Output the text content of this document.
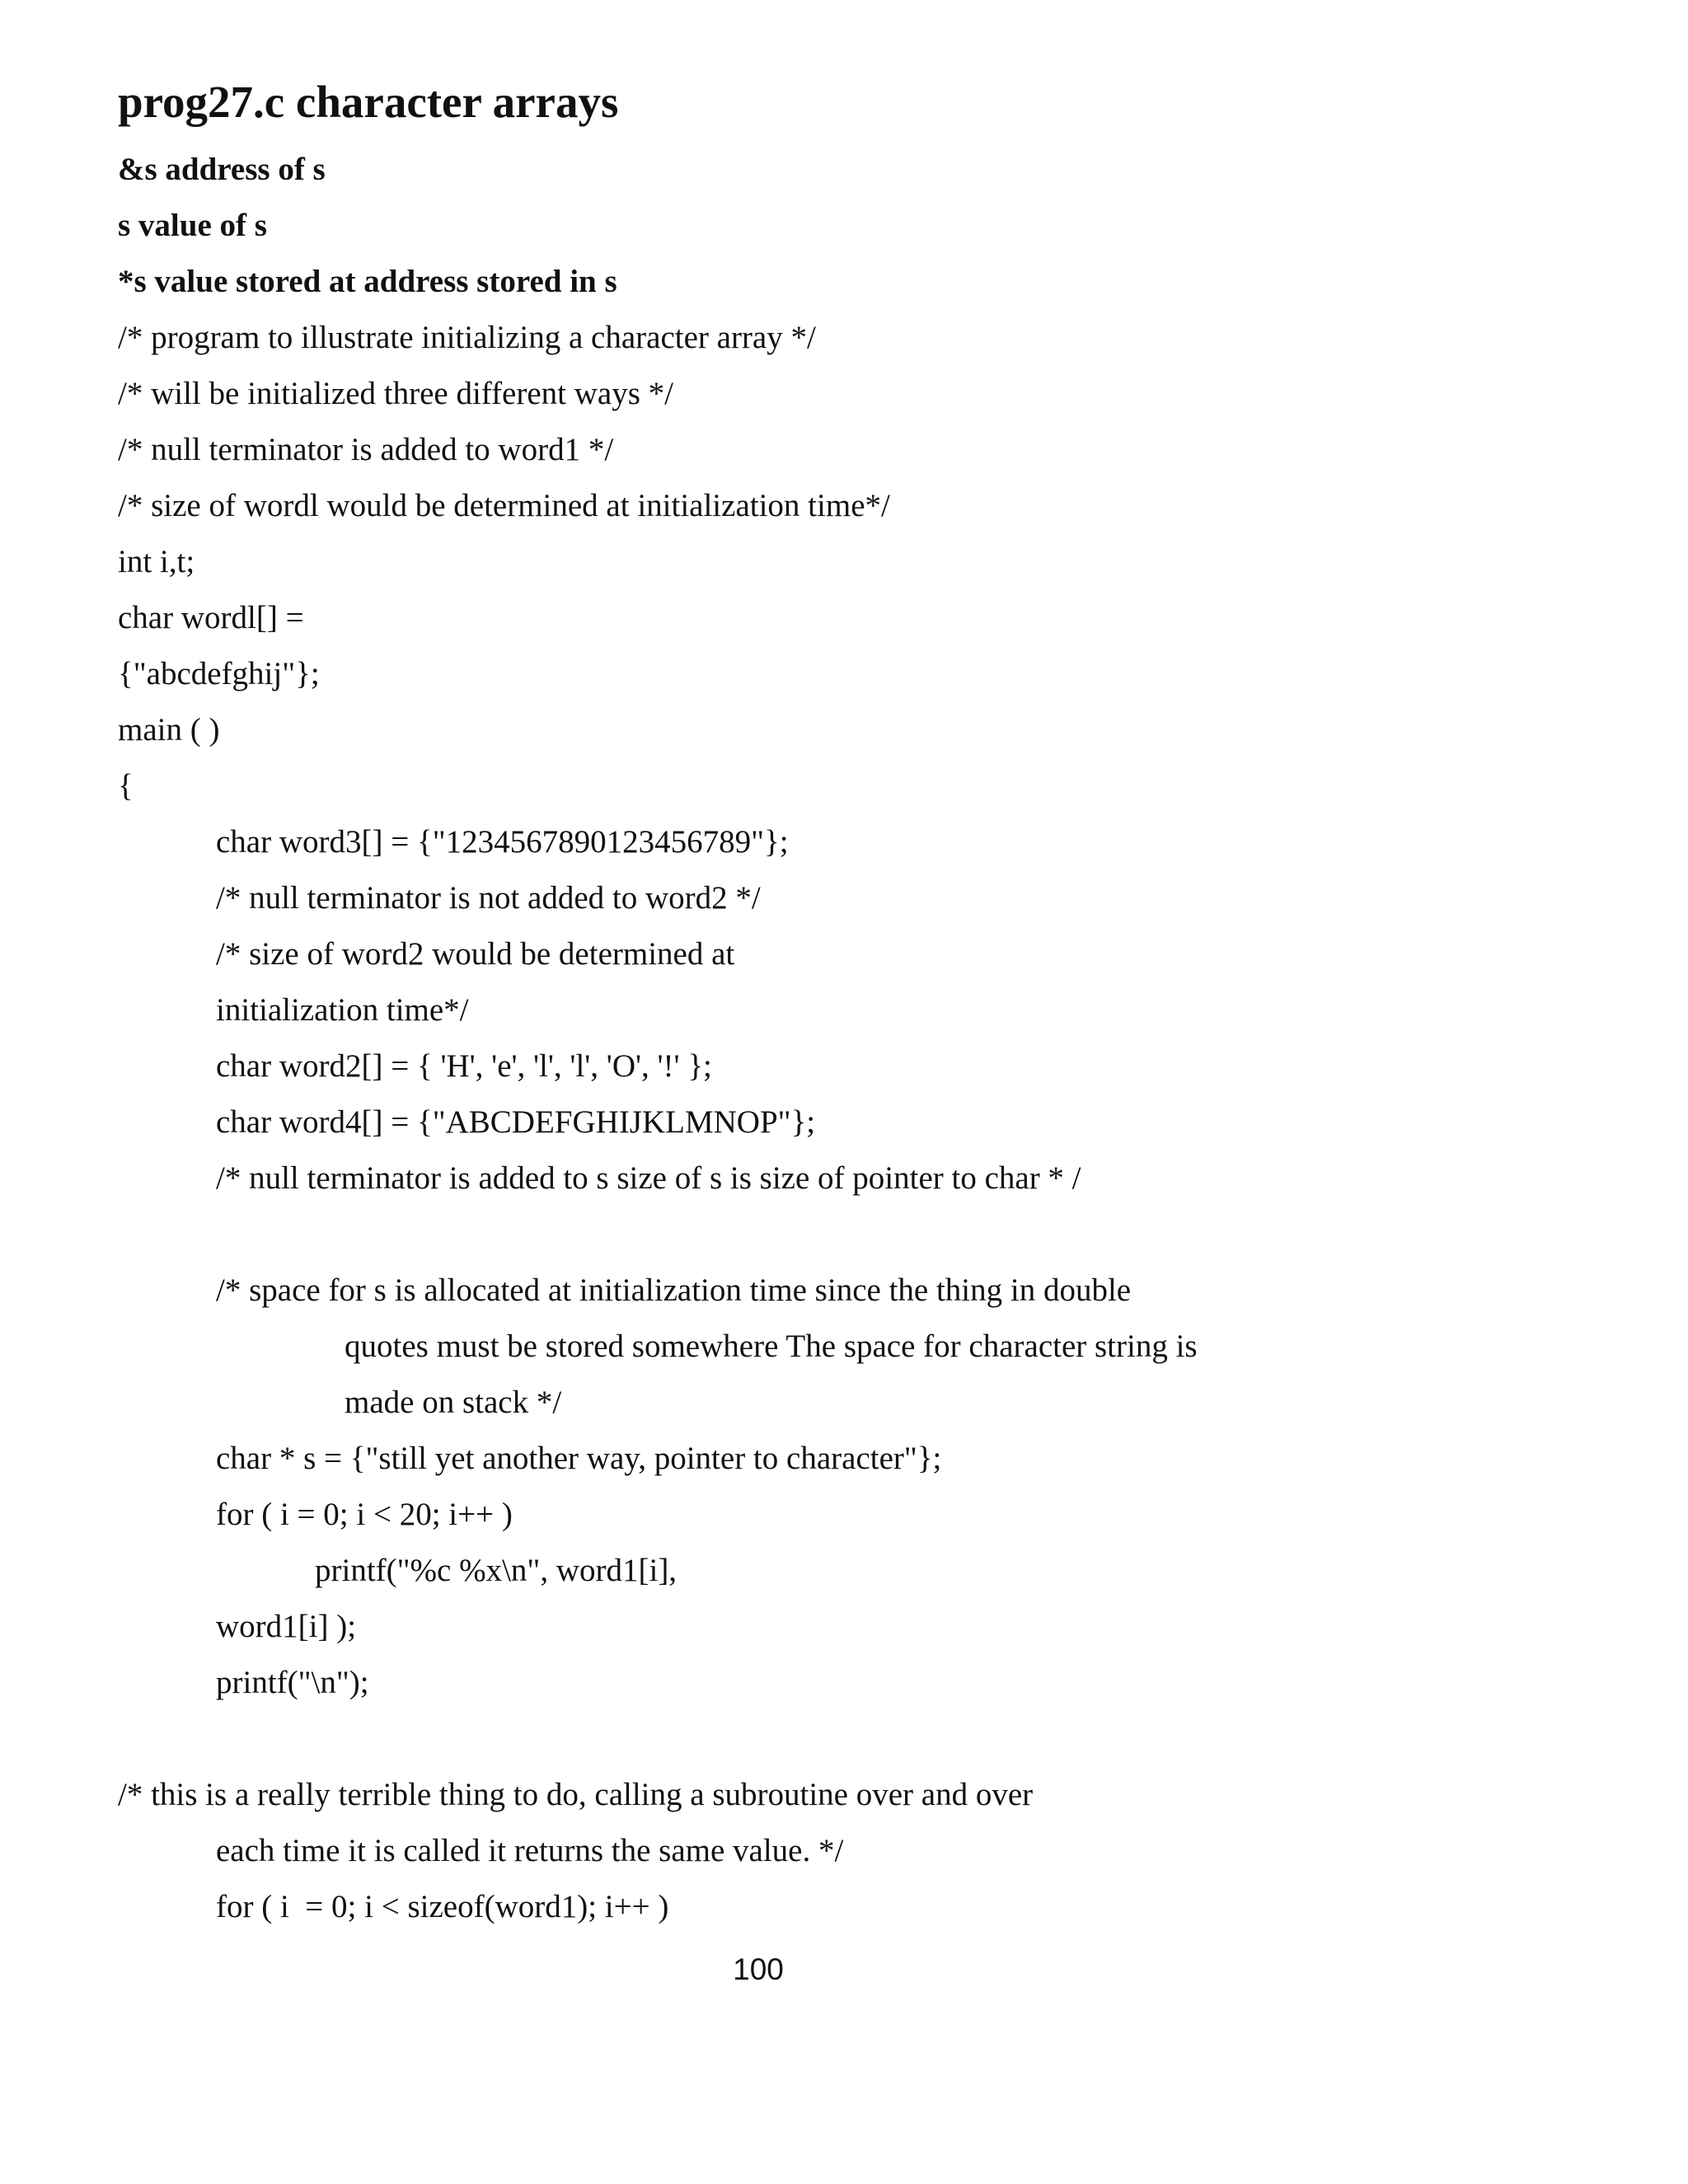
prog27.c character arrays
&s address of s
s value of s
*s value stored at address stored in s
/* program to illustrate initializing a character array */
/* will be initialized three different ways */
/* null terminator is added to word1 */
/* size of wordl would be determined at initialization time*/
int i,t;
char wordl[] =
{"abcdefghij"};
main ( )
{
char word3[] = {"1234567890123456789"};
/* null terminator is not added to word2 */
/* size of word2 would be determined at
initialization time*/
char word2[] = { 'H', 'e', 'l', 'l', 'O', '!' };
char word4[] = {"ABCDEFGHIJKLMNOP"};
/* null terminator is added to s size of s is size of pointer to char * /
/* space for s is allocated at initialization time since the thing in double
quotes must be stored somewhere The space for character string is
made on stack */
char * s = {"still yet another way, pointer to character"};
for ( i = 0; i < 20; i++ )
printf("%c %x\n", word1[i],
word1[i] );
printf("\n");
/* this is a really terrible thing to do, calling a subroutine over and over
each time it is called it returns the same value. */
for ( i  = 0; i < sizeof(word1); i++ )
100
